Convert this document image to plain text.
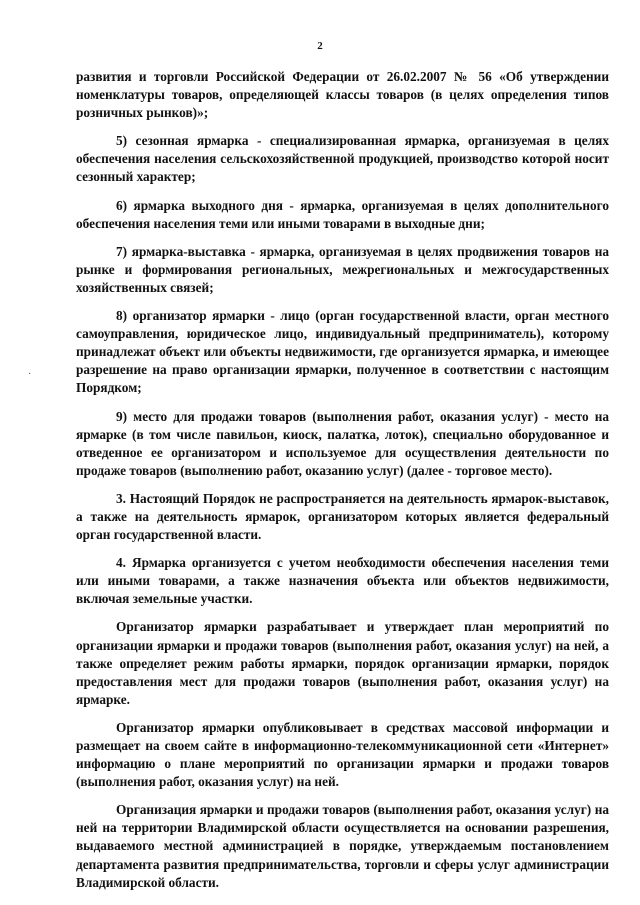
2
·

развития и торговли Российской Федерации от 26.02.2007 № 56 «Об утверждении номенклатуры товаров, определяющей классы товаров (в целях определения типов розничных рынков)»;

5) сезонная ярмарка - специализированная ярмарка, организуемая в целях обеспечения населения сельскохозяйственной продукцией, производство которой носит сезонный характер;

6) ярмарка выходного дня - ярмарка, организуемая в целях дополнительного обеспечения населения теми или иными товарами в выходные дни;

7) ярмарка-выставка - ярмарка, организуемая в целях продвижения товаров на рынке и формирования региональных, межрегиональных и межгосударственных хозяйственных связей;

8) организатор ярмарки - лицо (орган государственной власти, орган местного самоуправления, юридическое лицо, индивидуальный предприниматель), которому принадлежат объект или объекты недвижимости, где организуется ярмарка, и имеющее разрешение на право организации ярмарки, полученное в соответствии с настоящим Порядком;

9) место для продажи товаров (выполнения работ, оказания услуг) - место на ярмарке (в том числе павильон, киоск, палатка, лоток), специально оборудованное и отведенное ее организатором и используемое для осуществления деятельности по продаже товаров (выполнению работ, оказанию услуг) (далее - торговое место).

3. Настоящий Порядок не распространяется на деятельность ярмарок-выставок, а также на деятельность ярмарок, организатором которых является федеральный орган государственной власти.

4. Ярмарка организуется с учетом необходимости обеспечения населения теми или иными товарами, а также назначения объекта или объектов недвижимости, включая земельные участки.

Организатор ярмарки разрабатывает и утверждает план мероприятий по организации ярмарки и продажи товаров (выполнения работ, оказания услуг) на ней, а также определяет режим работы ярмарки, порядок организации ярмарки, порядок предоставления мест для продажи товаров (выполнения работ, оказания услуг) на ярмарке.

Организатор ярмарки опубликовывает в средствах массовой информации и размещает на своем сайте в информационно-телекоммуникационной сети «Интернет» информацию о плане мероприятий по организации ярмарки и продажи товаров (выполнения работ, оказания услуг) на ней.

Организация ярмарки и продажи товаров (выполнения работ, оказания услуг) на ней на территории Владимирской области осуществляется на основании разрешения, выдаваемого местной администрацией в порядке, утверждаемым постановлением департамента развития предпринимательства, торговли и сферы услуг администрации Владимирской области.
